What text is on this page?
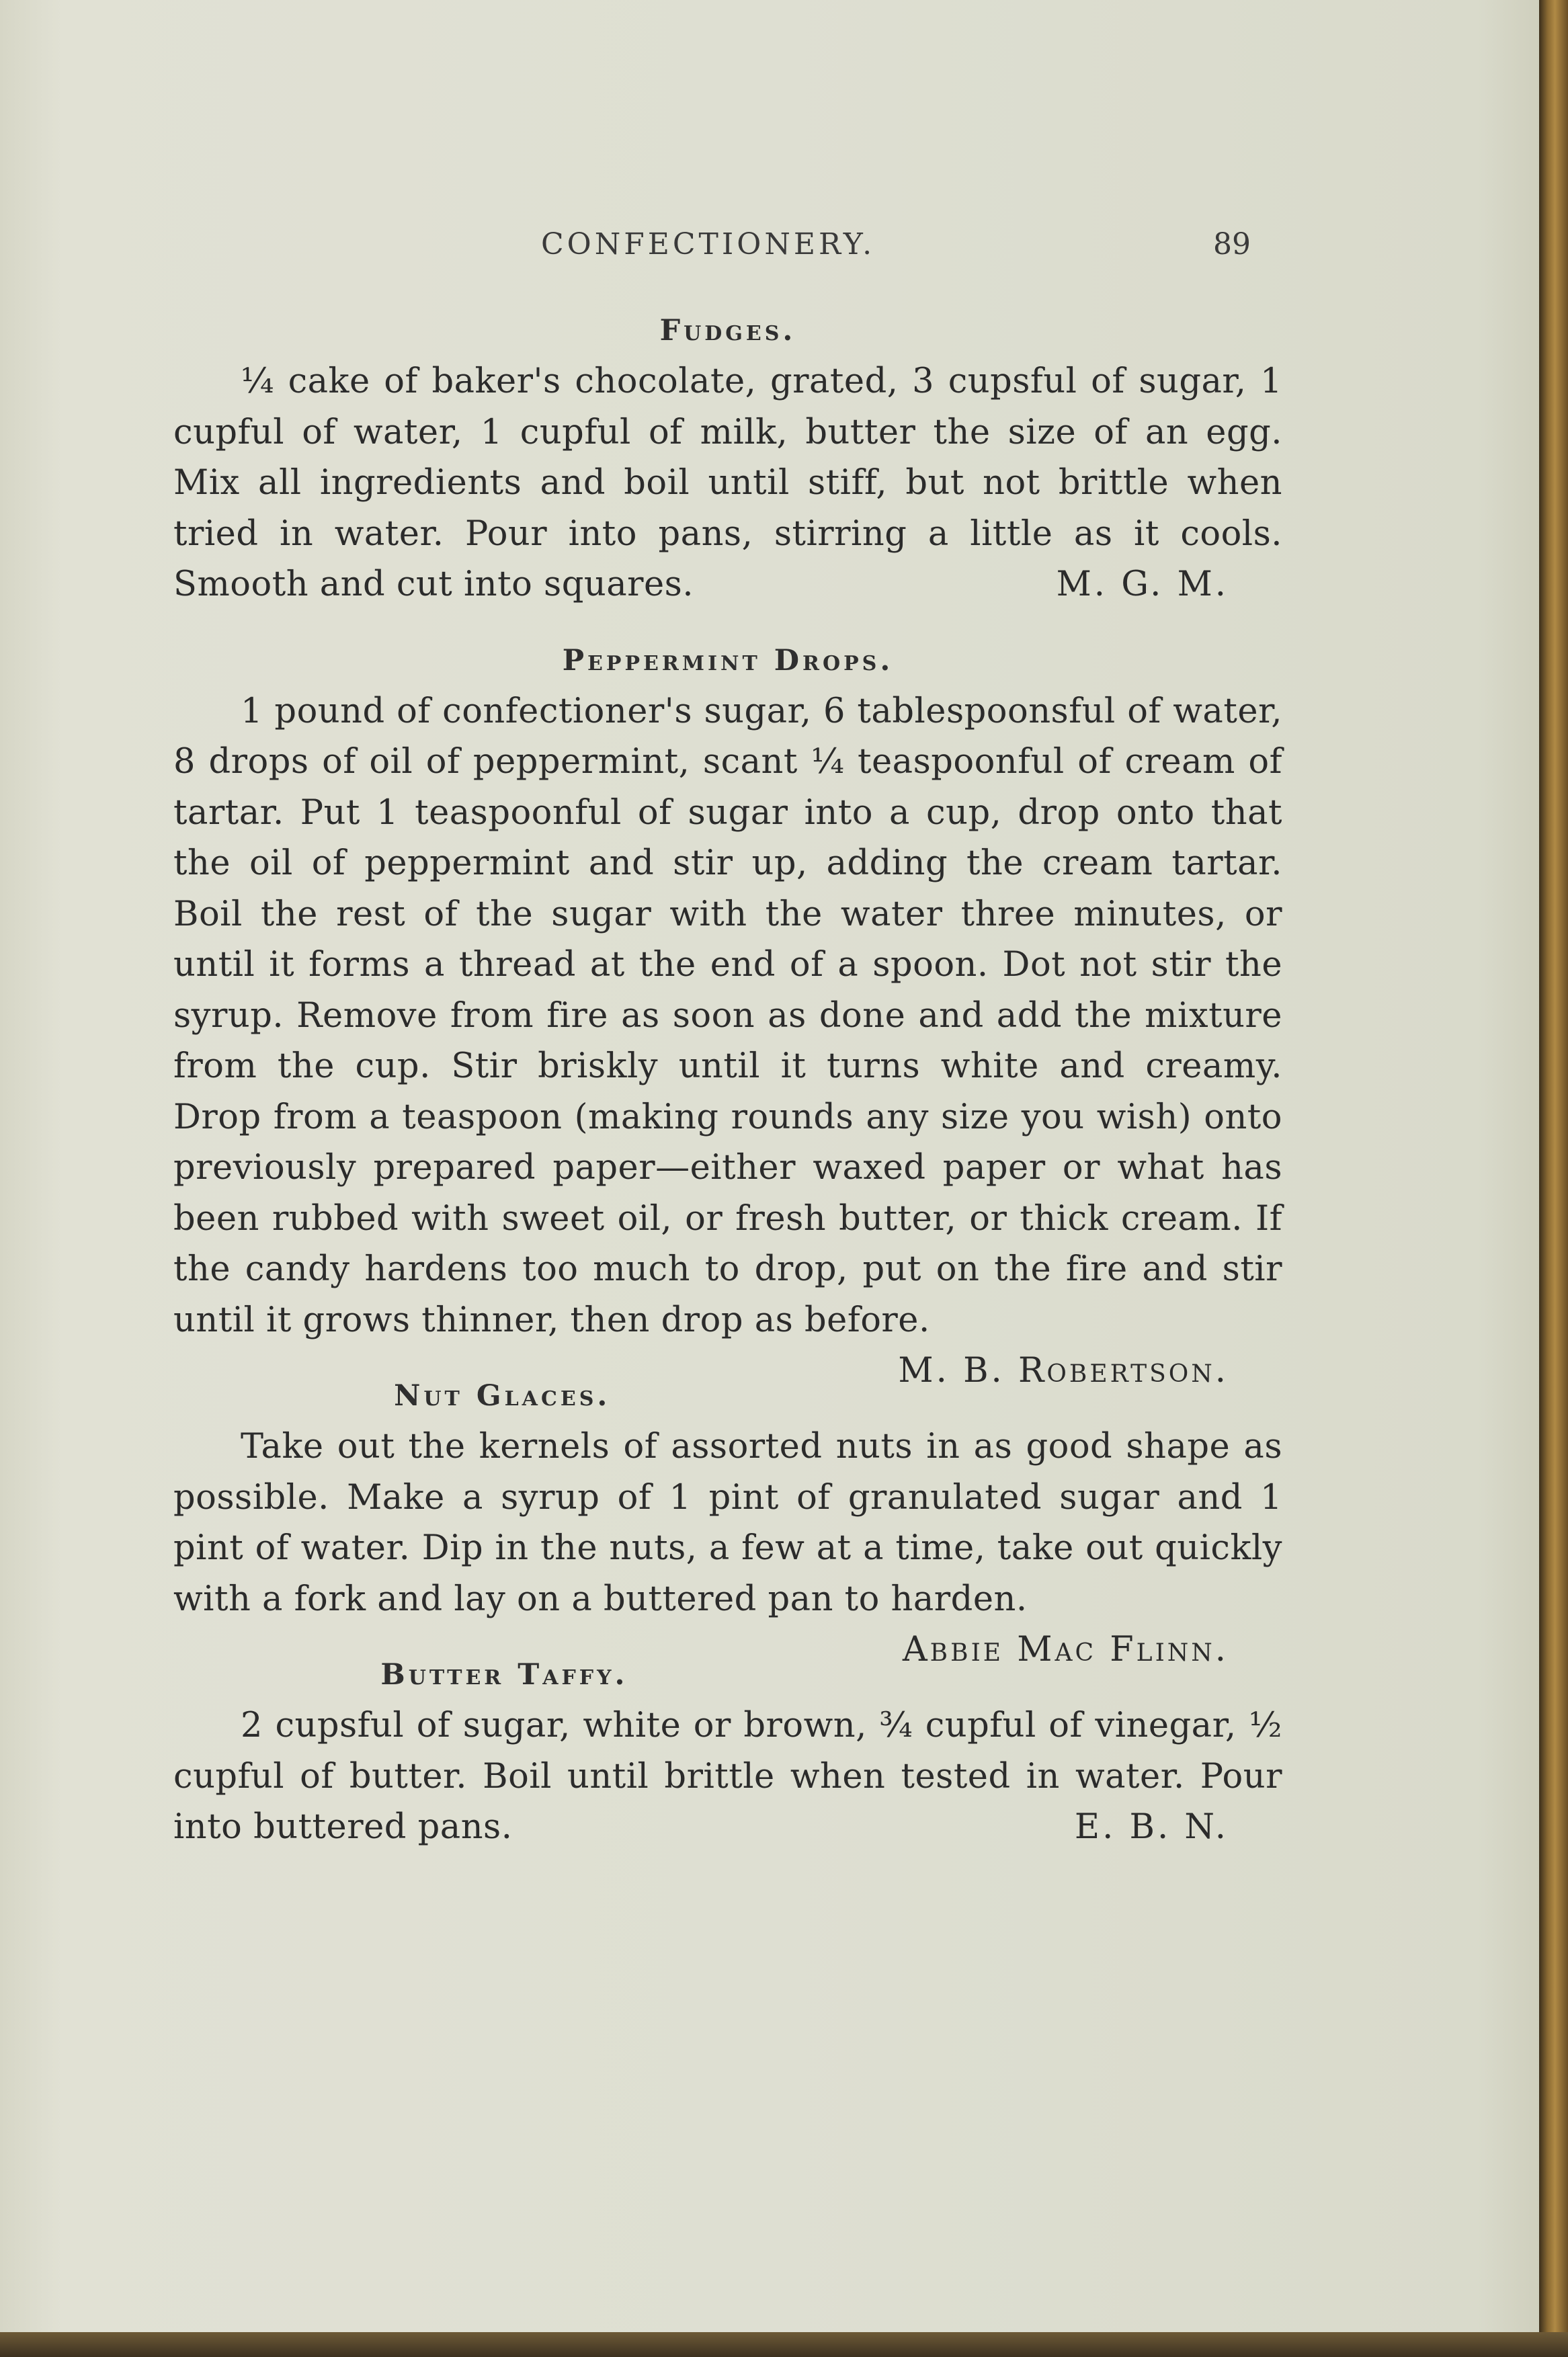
CONFECTIONERY.	89
Fudges.

¼ cake of baker's chocolate, grated, 3 cupsful of sugar, 1 cupful of water, 1 cupful of milk, butter the size of an egg. Mix all ingredients and boil until stiff, but not brittle when tried in water. Pour into pans, stirring a little as it cools. Smooth and cut into squares.	M. G. M.

Peppermint Drops.

1 pound of confectioner's sugar, 6 tablespoonsful of water, 8 drops of oil of peppermint, scant ¼ teaspoonful of cream of tartar. Put 1 teaspoonful of sugar into a cup, drop onto that the oil of peppermint and stir up, adding the cream tartar. Boil the rest of the sugar with the water three minutes, or until it forms a thread at the end of a spoon. Dot not stir the syrup. Remove from fire as soon as done and add the mixture from the cup. Stir briskly until it turns white and creamy. Drop from a teaspoon (making rounds any size you wish) onto previously prepared paper—either waxed paper or what has been rubbed with sweet oil, or fresh butter, or thick cream. If the candy hardens too much to drop, put on the fire and stir until it grows thinner, then drop as before.
M. B. Robertson.

Nut Glaces.

Take out the kernels of assorted nuts in as good shape as possible. Make a syrup of 1 pint of granulated sugar and 1 pint of water. Dip in the nuts, a few at a time, take out quickly with a fork and lay on a buttered pan to harden.
Abbie Mac Flinn.

Butter Taffy.

2 cupsful of sugar, white or brown, ¾ cupful of vinegar, ½ cupful of butter. Boil until brittle when tested in water. Pour into buttered pans.	E. B. N.
